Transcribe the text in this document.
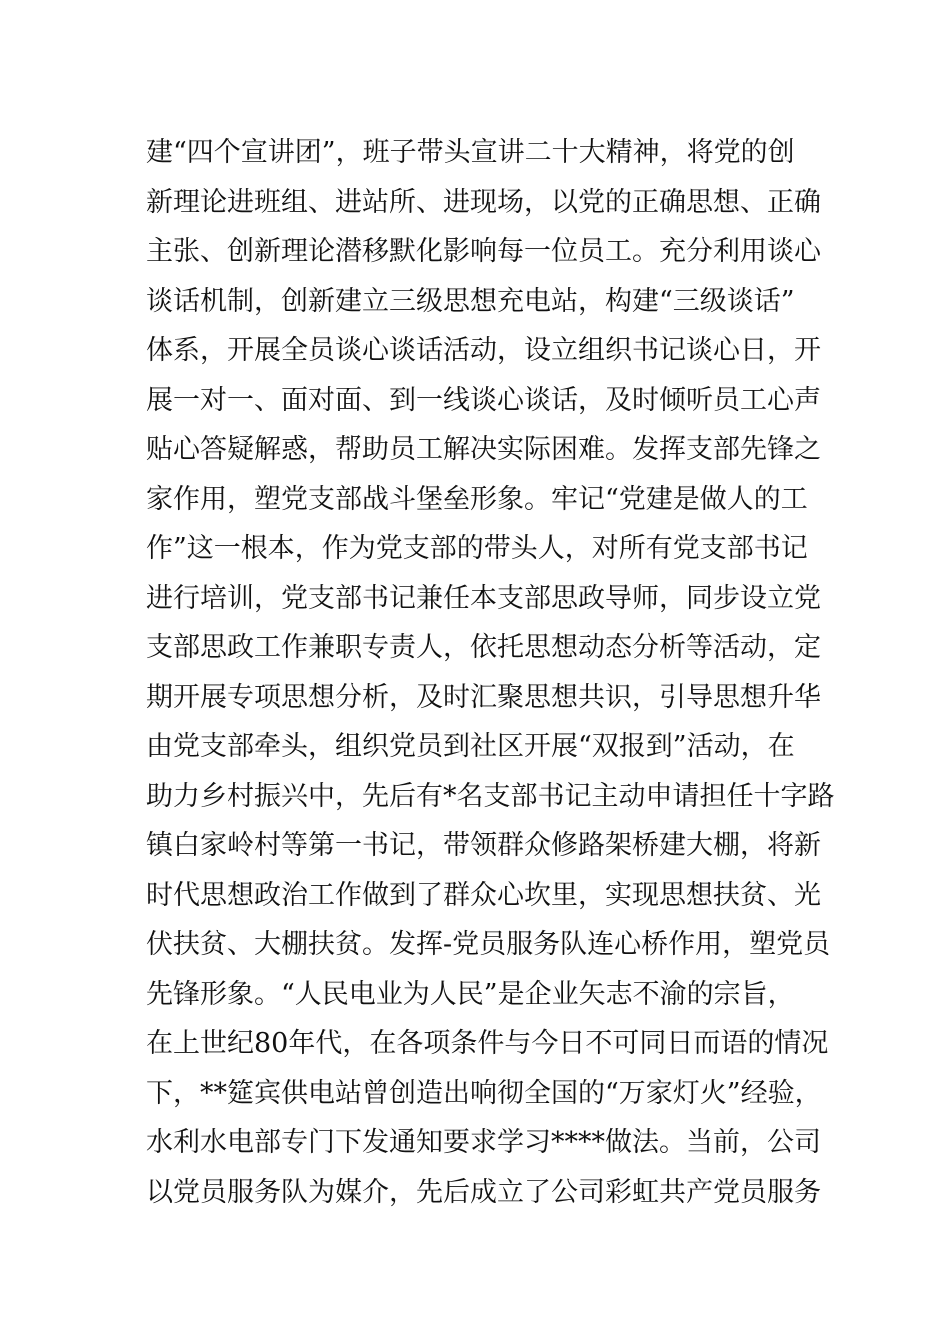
建“四个宣讲团”，班子带头宣讲二十大精神，将党的创
新理论进班组、进站所、进现场，以党的正确思想、正确
主张、创新理论潜移默化影响每一位员工。充分利用谈心
谈话机制，创新建立三级思想充电站，构建“三级谈话”
体系，开展全员谈心谈话活动，设立组织书记谈心日，开
展一对一、面对面、到一线谈心谈话，及时倾听员工心声
贴心答疑解惑，帮助员工解决实际困难。发挥支部先锋之
家作用，塑党支部战斗堡垒形象。牢记“党建是做人的工
作”这一根本，作为党支部的带头人，对所有党支部书记
进行培训，党支部书记兼任本支部思政导师，同步设立党
支部思政工作兼职专责人，依托思想动态分析等活动，定
期开展专项思想分析，及时汇聚思想共识，引导思想升华
由党支部牵头，组织党员到社区开展“双报到”活动，在
助力乡村振兴中，先后有*名支部书记主动申请担任十字路
镇白家岭村等第一书记，带领群众修路架桥建大棚，将新
时代思想政治工作做到了群众心坎里，实现思想扶贫、光
伏扶贫、大棚扶贫。发挥-党员服务队连心桥作用，塑党员
先锋形象。“人民电业为人民”是企业矢志不渝的宗旨，
在上世纪80年代，在各项条件与今日不可同日而语的情况
下，**筵宾供电站曾创造出响彻全国的“万家灯火”经验，
水利水电部专门下发通知要求学习****做法。当前，公司
以党员服务队为媒介，先后成立了公司彩虹共产党员服务
